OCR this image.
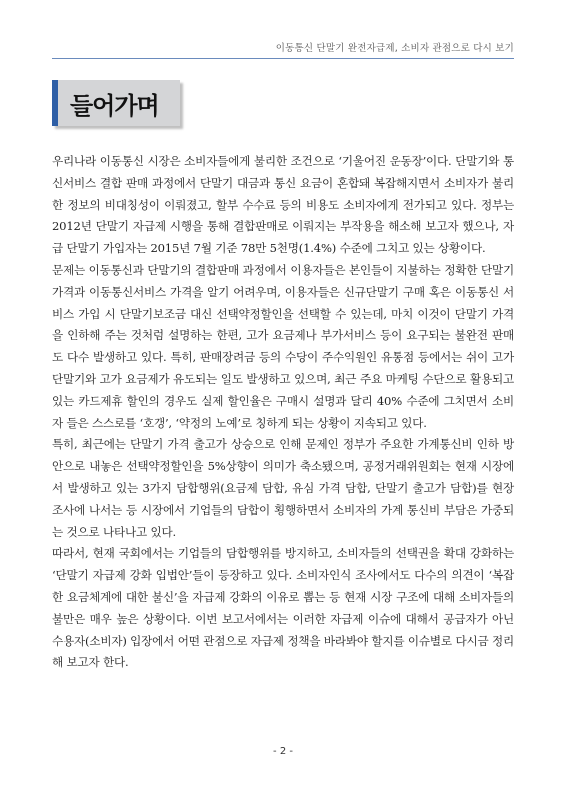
이동통신 단말기 완전자급제, 소비자 관점으로 다시 보기
들어가며

우리나라 이동통신 시장은 소비자들에게 불리한 조건으로 ‘기울어진 운동장’이다. 단말기와 통신서비스 결합 판매 과정에서 단말기 대금과 통신 요금이 혼합돼 복잡해지면서 소비자가 불리한 정보의 비대칭성이 이뤄졌고, 할부 수수료 등의 비용도 소비자에게 전가되고 있다. 정부는 2012년 단말기 자급제 시행을 통해 결합판매로 이뤄지는 부작용을 해소해 보고자 했으나, 자급 단말기 가입자는 2015년 7월 기준 78만 5천명(1.4%) 수준에 그치고 있는 상황이다.

문제는 이동통신과 단말기의 결합판매 과정에서 이용자들은 본인들이 지불하는 정확한 단말기 가격과 이동통신서비스 가격을 알기 어려우며, 이용자들은 신규단말기 구매 혹은 이동통신 서비스 가입 시 단말기보조금 대신 선택약정할인을 선택할 수 있는데, 마치 이것이 단말기 가격을 인하해 주는 것처럼 설명하는 한편, 고가 요금제나 부가서비스 등이 요구되는 불완전 판매도 다수 발생하고 있다. 특히, 판매장려금 등의 수당이 주수익원인 유통점 등에서는 쉬이 고가 단말기와 고가 요금제가 유도되는 일도 발생하고 있으며, 최근 주요 마케팅 수단으로 활용되고 있는 카드제휴 할인의 경우도 실제 할인율은 구매시 설명과 달리 40% 수준에 그치면서 소비자 들은 스스로를 ‘호갱’, ‘약정의 노예’로 칭하게 되는 상황이 지속되고 있다.

특히, 최근에는 단말기 가격 출고가 상승으로 인해 문제인 정부가 주요한 가계통신비 인하 방안으로 내놓은 선택약정할인을 5%상향이 의미가 축소됐으며, 공정거래위원회는 현재 시장에서 발생하고 있는 3가지 담합행위(요금제 담합, 유심 가격 담합, 단말기 출고가 담합)를 현장 조사에 나서는 등 시장에서 기업들의 담합이 횡행하면서 소비자의 가계 통신비 부담은 가중되는 것으로 나타나고 있다.

따라서, 현재 국회에서는 기업들의 담합행위를 방지하고, 소비자들의 선택권을 확대 강화하는 ‘단말기 자급제 강화 입법안’들이 등장하고 있다. 소비자인식 조사에서도 다수의 의견이 ‘복잡한 요금체계에 대한 불신’을 자급제 강화의 이유로 뽑는 등 현재 시장 구조에 대해 소비자들의 불만은 매우 높은 상황이다. 이번 보고서에서는 이러한 자급제 이슈에 대해서 공급자가 아닌 수용자(소비자) 입장에서 어떤 관점으로 자급제 정책을 바라봐야 할지를 이슈별로 다시금 정리해 보고자 한다.

- 2 -
